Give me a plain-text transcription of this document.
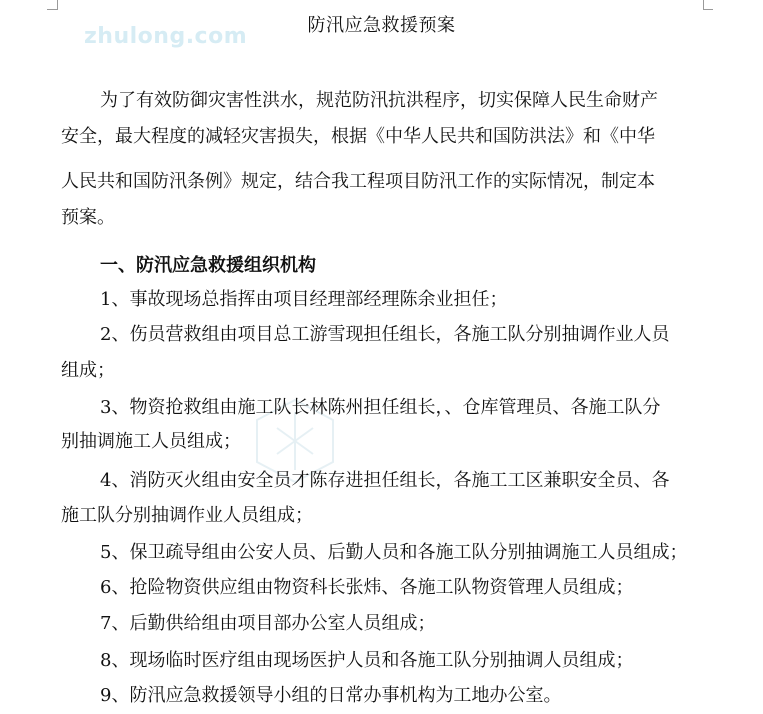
zhulong.com	防汛应急救援预案
为了有效防御灾害性洪水，规范防汛抗洪程序，切实保障人民生命财产
安全，最大程度的减轻灾害损失，根据《中华人民共和国防洪法》和《中华
人民共和国防汛条例》规定，结合我工程项目防汛工作的实际情况，制定本
预案。
一、防汛应急救援组织机构
1、事故现场总指挥由项目经理部经理陈余业担任；
2、伤员营救组由项目总工游雪现担任组长，各施工队分别抽调作业人员
组成；
3、物资抢救组由施工队长林陈州担任组长，、仓库管理员、各施工队分
别抽调施工人员组成；
4、消防灭火组由安全员才陈存进担任组长，各施工工区兼职安全员、各
施工队分别抽调作业人员组成；
5、保卫疏导组由公安人员、后勤人员和各施工队分别抽调施工人员组成；
6、抢险物资供应组由物资科长张炜、各施工队物资管理人员组成；
7、后勤供给组由项目部办公室人员组成；
8、现场临时医疗组由现场医护人员和各施工队分别抽调人员组成；
9、防汛应急救援领导小组的日常办事机构为工地办公室。
